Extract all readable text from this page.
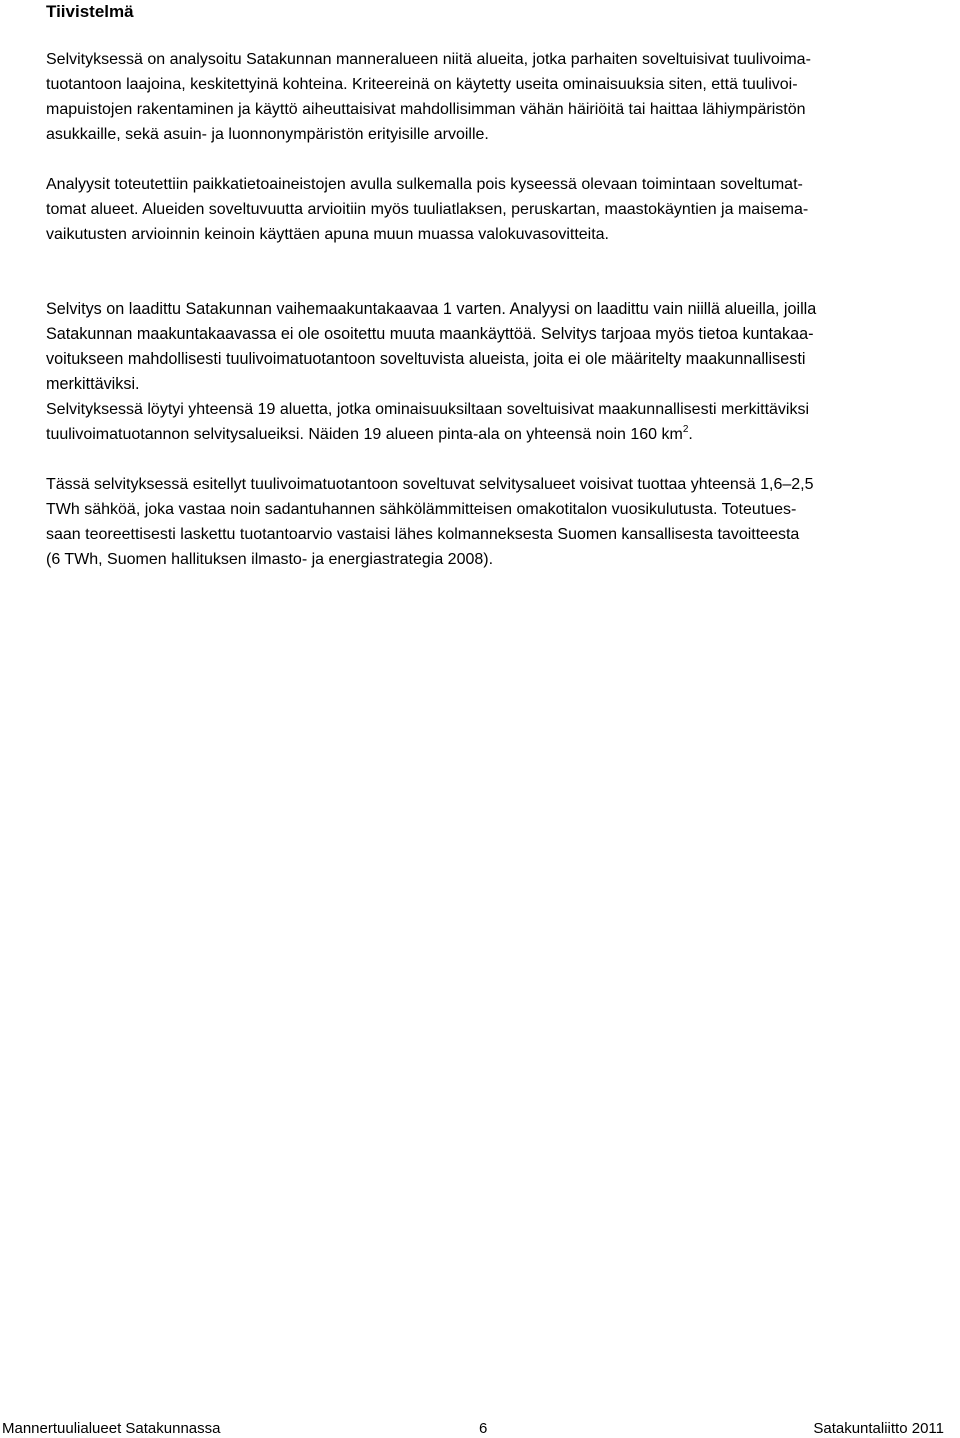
Tiivistelmä

Selvityksessä on analysoitu Satakunnan manneralueen niitä alueita, jotka parhaiten soveltuisivat tuulivoima-
tuotantoon laajoina, keskitettyinä kohteina. Kriteereinä on käytetty useita ominaisuuksia siten, että tuulivoi-
mapuistojen rakentaminen ja käyttö aiheuttaisivat mahdollisimman vähän häiriöitä tai haittaa lähiympäristön
asukkaille, sekä asuin- ja luonnonympäristön erityisille arvoille.

Analyysit toteutettiin paikkatietoaineistojen avulla sulkemalla pois kyseessä olevaan toimintaan soveltumat-
tomat alueet. Alueiden soveltuvuutta arvioitiin myös tuuliatlaksen, peruskartan, maastokäyntien ja maisema-
vaikutusten arvioinnin keinoin käyttäen apuna muun muassa valokuvasovitteita.

Selvitys on laadittu Satakunnan vaihemaakuntakaavaa 1 varten. Analyysi on laadittu vain niillä alueilla, joilla
Satakunnan maakuntakaavassa ei ole osoitettu muuta maankäyttöä. Selvitys tarjoaa myös tietoa kuntakaa-
voitukseen mahdollisesti tuulivoimatuotantoon soveltuvista alueista, joita ei ole määritelty maakunnallisesti
merkittäviksi.

Selvityksessä löytyi yhteensä 19 aluetta, jotka ominaisuuksiltaan soveltuisivat maakunnallisesti merkittäviksi
tuulivoimatuotannon selvitysalueiksi. Näiden 19 alueen pinta-ala on yhteensä noin 160 $km^2$.

Tässä selvityksessä esitellyt tuulivoimatuotantoon soveltuvat selvitysalueet voisivat tuottaa yhteensä 1,6–2,5
TWh sähköä, joka vastaa noin sadantuhannen sähkölämmitteisen omakotitalon vuosikulutusta. Toteutues-
saan teoreettisesti laskettu tuotantoarvio vastaisi lähes kolmanneksesta Suomen kansallisesta tavoitteesta
(6 TWh, Suomen hallituksen ilmasto- ja energiastrategia 2008).

Mannertuulialueet Satakunnassa	6	Satakuntaliitto 2011
